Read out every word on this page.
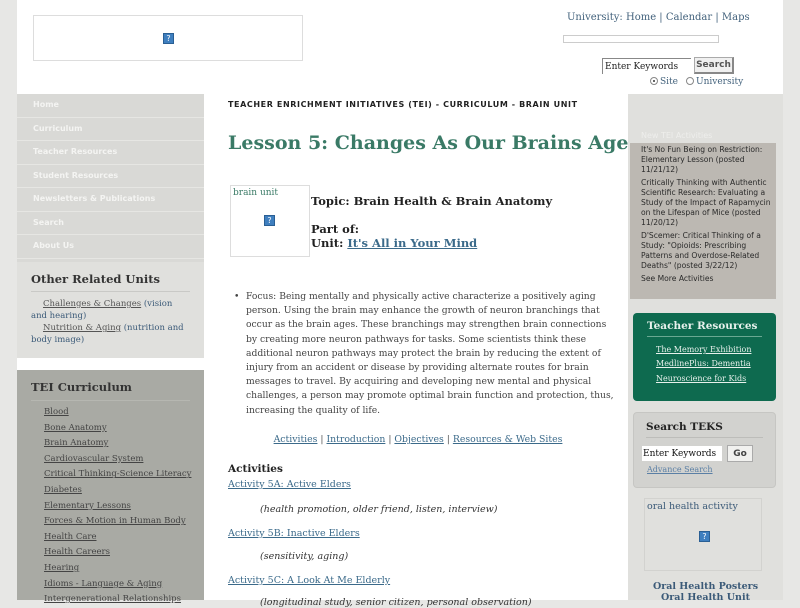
?
University: Home | Calendar | Maps
Enter Keywords
Search
Site	University
Home
Curriculum
Teacher Resources
Student Resources
Newsletters & Publications
Search
About Us
Other Related Units

Challenges & Changes (vision and hearing)

Nutrition & Aging (nutrition and body image)

TEI Curriculum
Blood
Bone Anatomy
Brain Anatomy
Cardiovascular System
Critical Thinking-Science Literacy
Diabetes
Elementary Lessons
Forces & Motion in Human Body
Health Care
Health Careers
Hearing
Idioms - Language & Aging
Intergenerational Relationships
TEACHER ENRICHMENT INITIATIVES (TEI) - CURRICULUM - BRAIN UNIT
Lesson 5: Changes As Our Brains Age
brain unit
?
Topic: Brain Health & Brain Anatomy
Part of:
Unit: It's All in Your Mind
• Focus: Being mentally and physically active characterize a positively aging person. Using the brain may enhance the growth of neuron branchings that occur as the brain ages. These branchings may strengthen brain connections by creating more neuron pathways for tasks. Some scientists think these additional neuron pathways may protect the brain by reducing the extent of injury from an accident or disease by providing alternate routes for brain messages to travel. By acquiring and developing new mental and physical challenges, a person may promote optimal brain function and protection, thus, increasing the quality of life.
Activities | Introduction | Objectives | Resources & Web Sites
Activities
Activity 5A: Active Elders
(health promotion, older friend, listen, interview)
Activity 5B: Inactive Elders
(sensitivity, aging)
Activity 5C: A Look At Me Elderly
(longitudinal study, senior citizen, personal observation)
New TEI Activities

It's No Fun Being on Restriction: Elementary Lesson (posted 11/21/12)

Critically Thinking with Authentic Scientific Research: Evaluating a Study of the Impact of Rapamycin on the Lifespan of Mice (posted 11/20/12)

D'Scemer: Critical Thinking of a Study: "Opioids: Prescribing Patterns and Overdose-Related Deaths" (posted 3/22/12)

See More Activities

Teacher Resources
The Memory Exhibition
MedlinePlus: Dementia
Neuroscience for Kids
Search TEKS
Enter Keywords
Go
Advance Search
oral health activity
?
Oral Health Posters
Oral Health Unit
